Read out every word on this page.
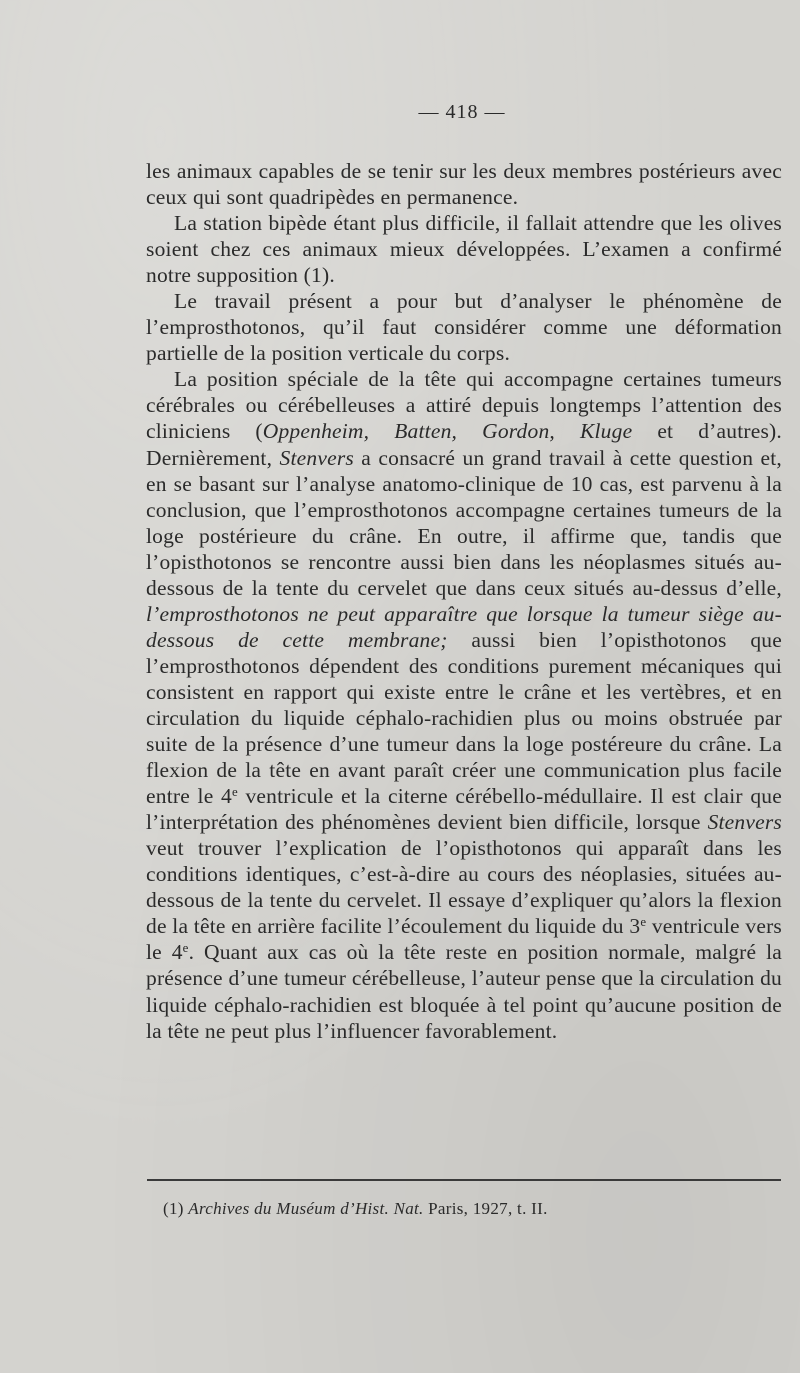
— 418 —

les animaux capables de se tenir sur les deux membres postérieurs avec ceux qui sont quadripèdes en permanence.

La station bipède étant plus difficile, il fallait attendre que les olives soient chez ces animaux mieux développées. L’examen a confirmé notre supposition (1).

Le travail présent a pour but d’analyser le phénomène de l’emprosthotonos, qu’il faut considérer comme une déformation partielle de la position verticale du corps.

La position spéciale de la tête qui accompagne certaines tumeurs cérébrales ou cérébelleuses a attiré depuis longtemps l’attention des cliniciens (Oppenheim, Batten, Gordon, Kluge et d’autres). Dernièrement, Stenvers a consacré un grand travail à cette question et, en se basant sur l’analyse anatomo-clinique de 10 cas, est parvenu à la conclusion, que l’emprosthotonos accompagne certaines tumeurs de la loge postérieure du crâne. En outre, il affirme que, tandis que l’opisthotonos se rencontre aussi bien dans les néoplasmes situés au-dessous de la tente du cervelet que dans ceux situés au-dessus d’elle, l’emprosthotonos ne peut apparaître que lorsque la tumeur siège au-dessous de cette membrane; aussi bien l’opisthotonos que l’emprosthotonos dépendent des conditions purement mécaniques qui consistent en rapport qui existe entre le crâne et les vertèbres, et en circulation du liquide céphalo-rachidien plus ou moins obstruée par suite de la présence d’une tumeur dans la loge postéreure du crâne. La flexion de la tête en avant paraît créer une communication plus facile entre le 4e ventricule et la citerne cérébello-médullaire. Il est clair que l’interprétation des phénomènes devient bien difficile, lorsque Stenvers veut trouver l’explication de l’opisthotonos qui apparaît dans les conditions identiques, c’est-à-dire au cours des néoplasies, situées au-dessous de la tente du cervelet. Il essaye d’expliquer qu’alors la flexion de la tête en arrière facilite l’écoulement du liquide du 3e ventricule vers le 4e. Quant aux cas où la tête reste en position normale, malgré la présence d’une tumeur cérébelleuse, l’auteur pense que la circulation du liquide céphalo-rachidien est bloquée à tel point qu’aucune position de la tête ne peut plus l’influencer favorablement.

(1) Archives du Muséum d’Hist. Nat. Paris, 1927, t. II.
